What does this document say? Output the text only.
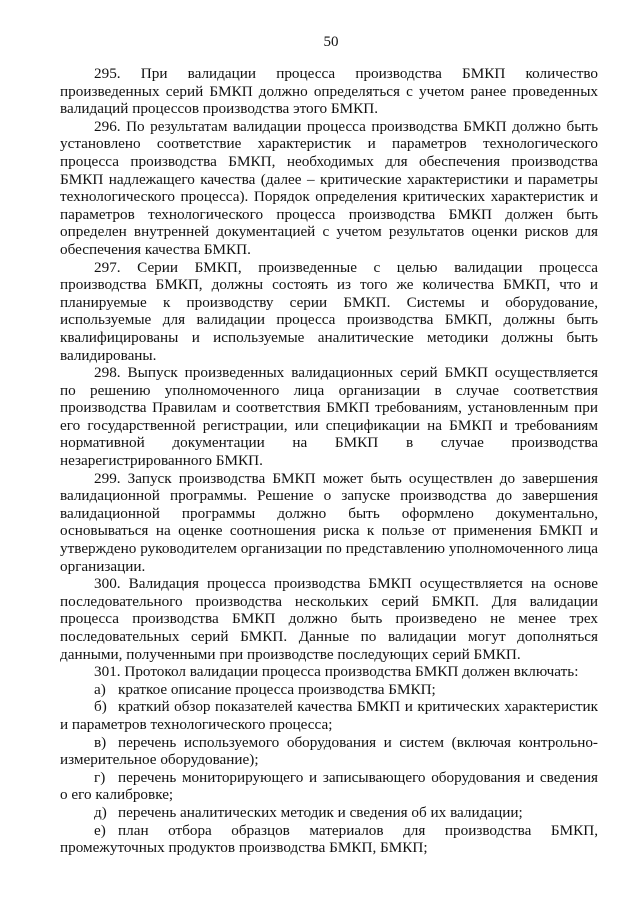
50

295. При валидации процесса производства БМКП количество произведенных серий БМКП должно определяться с учетом ранее проведенных валидаций процессов производства этого БМКП.

296. По результатам валидации процесса производства БМКП должно быть установлено соответствие характеристик и параметров технологического процесса производства БМКП, необходимых для обеспечения производства БМКП надлежащего качества (далее – критические характеристики и параметры технологического процесса). Порядок определения критических характеристик и параметров технологического процесса производства БМКП должен быть определен внутренней документацией с учетом результатов оценки рисков для обеспечения качества БМКП.

297. Серии БМКП, произведенные с целью валидации процесса производства БМКП, должны состоять из того же количества БМКП, что и планируемые к производству серии БМКП. Системы и оборудование, используемые для валидации процесса производства БМКП, должны быть квалифицированы и используемые аналитические методики должны быть валидированы.

298. Выпуск произведенных валидационных серий БМКП осуществляется по решению уполномоченного лица организации в случае соответствия производства Правилам и соответствия БМКП требованиям, установленным при его государственной регистрации, или спецификации на БМКП и требованиям нормативной документации на БМКП в случае производства незарегистрированного БМКП.

299. Запуск производства БМКП может быть осуществлен до завершения валидационной программы. Решение о запуске производства до завершения валидационной программы должно быть оформлено документально, основываться на оценке соотношения риска к пользе от применения БМКП и утверждено руководителем организации по представлению уполномоченного лица организации.

300. Валидация процесса производства БМКП осуществляется на основе последовательного производства нескольких серий БМКП. Для валидации процесса производства БМКП должно быть произведено не менее трех последовательных серий БМКП. Данные по валидации могут дополняться данными, полученными при производстве последующих серий БМКП.

301. Протокол валидации процесса производства БМКП должен включать:

а) краткое описание процесса производства БМКП;

б) краткий обзор показателей качества БМКП и критических характеристик и параметров технологического процесса;

в) перечень используемого оборудования и систем (включая контрольно-измерительное оборудование);

г) перечень мониторирующего и записывающего оборудования и сведения о его калибровке;

д) перечень аналитических методик и сведения об их валидации;

е) план отбора образцов материалов для производства БМКП, промежуточных продуктов производства БМКП, БМКП;
